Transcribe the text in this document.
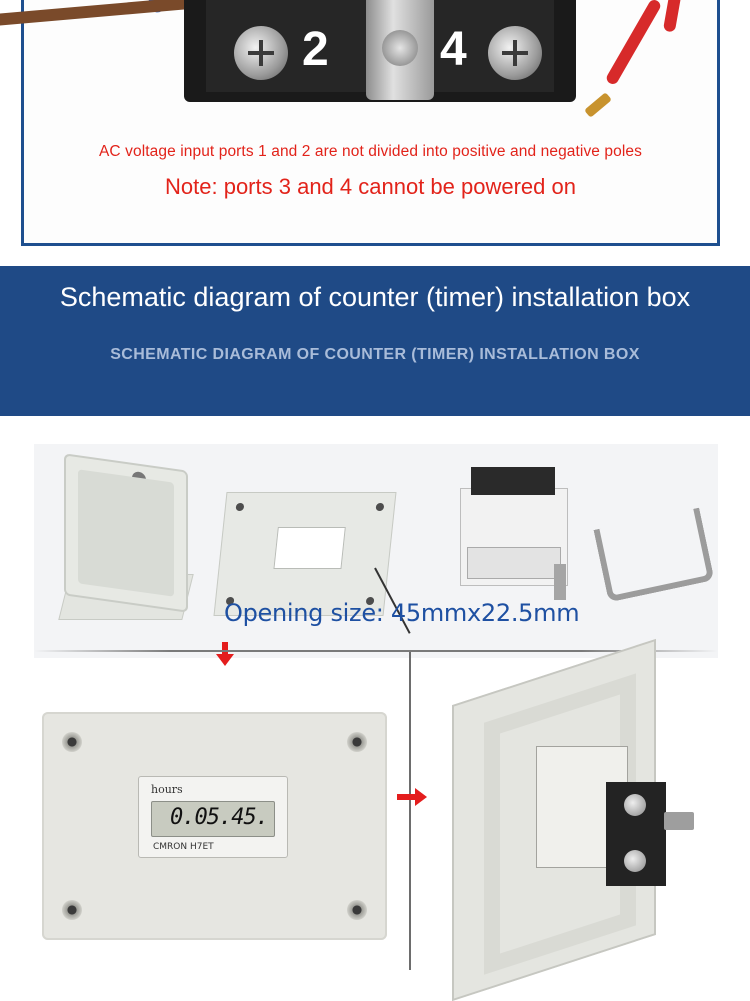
2 4
AC voltage input ports 1 and 2 are not divided into positive and negative poles
Note: ports 3 and 4 cannot be powered on
Schematic diagram of counter (timer) installation box
SCHEMATIC DIAGRAM OF COUNTER (TIMER) INSTALLATION BOX
Opening size: 45mmx22.5mm
hours
0.05.45.
CMRON H7ET
